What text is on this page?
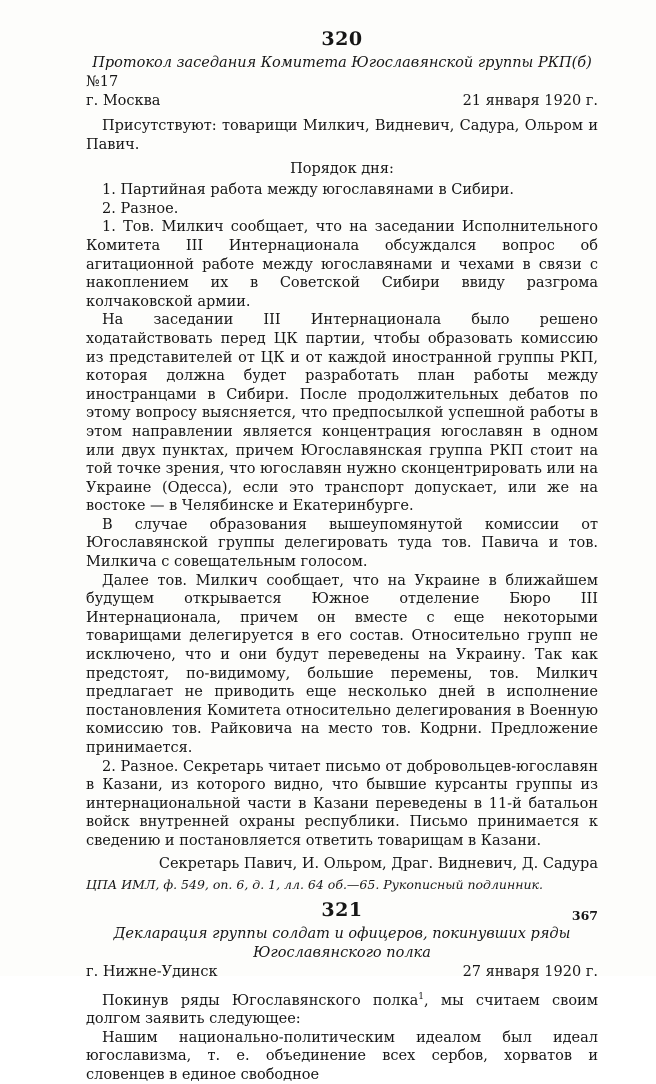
320
Протокол заседания Комитета Югославянской группы РКП(б)
№17
г. Москва	21 января 1920 г.
Присутствуют: товарищи Милкич, Видневич, Садура, Ольром и Павич.
Порядок дня:
1. Партийная работа между югославянами в Сибири.
2. Разное.
1. Тов. Милкич сообщает, что на заседании Исполнительного Комитета III Интернационала обсуждался вопрос об агитационной работе между югославянами и чехами в связи с накоплением их в Советской Сибири ввиду разгрома колчаковской армии.
На заседании III Интернационала было решено ходатайствовать перед ЦК партии, чтобы образовать комиссию из представителей от ЦК и от каждой иностранной группы РКП, которая должна будет разработать план работы между иностранцами в Сибири. После продолжительных дебатов по этому вопросу выясняется, что предпосылкой успешной работы в этом направлении является концентрация югославян в одном или двух пунктах, причем Югославянская группа РКП стоит на той точке зрения, что югославян нужно сконцентрировать или на Украине (Одесса), если это транспорт допускает, или же на востоке — в Челябинске и Екатеринбурге.
В случае образования вышеупомянутой комиссии от Югославянской группы делегировать туда тов. Павича и тов. Милкича с совещательным голосом.
Далее тов. Милкич сообщает, что на Украине в ближайшем будущем открывается Южное отделение Бюро III Интернационала, причем он вместе с еще некоторыми товарищами делегируется в его состав. Относительно групп не исключено, что и они будут переведены на Украину. Так как предстоят, по-видимому, большие перемены, тов. Милкич предлагает не приводить еще несколько дней в исполнение постановления Комитета относительно делегирования в Военную комиссию тов. Райковича на место тов. Кодрни. Предложение принимается.
2. Разное. Секретарь читает письмо от добровольцев-югославян в Казани, из которого видно, что бывшие курсанты группы из интернациональной части в Казани переведены в 11-й батальон войск внутренней охраны республики. Письмо принимается к сведению и постановляется ответить товарищам в Казани.
Секретарь Павич, И. Ольром, Драг. Видневич, Д. Садура
ЦПА ИМЛ, ф. 549, оп. 6, д. 1, лл. 64 об.—65. Рукописный подлинник.
321
Декларация группы солдат и офицеров, покинувших ряды
Югославянского полка
г. Нижне-Удинск	27 января 1920 г.
Покинув ряды Югославянского полка$^1$, мы считаем своим долгом заявить следующее:
Нашим национально-политическим идеалом был идеал югославизма, т. е. объединение всех сербов, хорватов и словенцев в единое свободное
367
